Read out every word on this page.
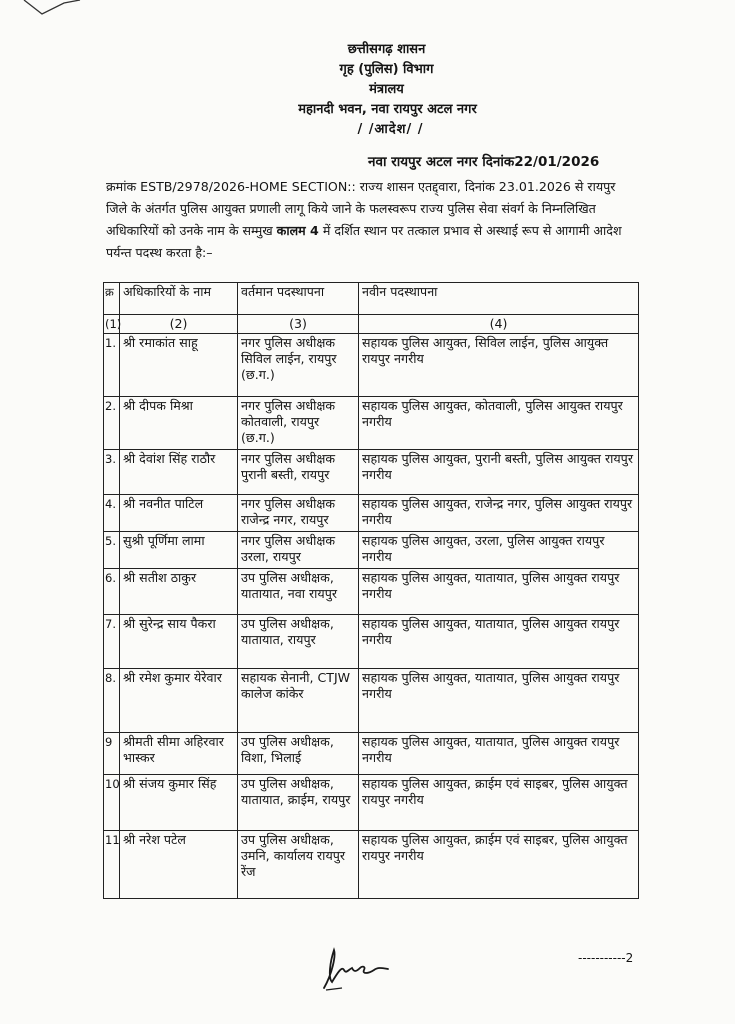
छत्तीसगढ़ शासन
गृह (पुलिस) विभाग
मंत्रालय
महानदी भवन, नवा रायपुर अटल नगर
/ /आदेश/ /
नवा रायपुर अटल नगर दिनांक22/01/2026
क्रमांक ESTB/2978/2026-HOME SECTION:: राज्य शासन एतद्द्वारा, दिनांक 23.01.2026 से रायपुर जिले के अंतर्गत पुलिस आयुक्त प्रणाली लागू किये जाने के फलस्वरूप राज्य पुलिस सेवा संवर्ग के निम्नलिखित अधिकारियों को उनके नाम के सम्मुख कालम 4 में दर्शित स्थान पर तत्काल प्रभाव से अस्थाई रूप से आगामी आदेश पर्यन्त पदस्थ करता है:–
क्र	अधिकारियों के नाम	वर्तमान पदस्थापना	नवीन पदस्थापना
(1)	(2)	(3)	(4)
1.	श्री रमाकांत साहू	नगर पुलिस अधीक्षक सिविल लाईन, रायपुर (छ.ग.)	सहायक पुलिस आयुक्त, सिविल लाईन, पुलिस आयुक्त रायपुर नगरीय
2.	श्री दीपक मिश्रा	नगर पुलिस अधीक्षक कोतवाली, रायपुर (छ.ग.)	सहायक पुलिस आयुक्त, कोतवाली, पुलिस आयुक्त रायपुर नगरीय
3.	श्री देवांश सिंह राठौर	नगर पुलिस अधीक्षक पुरानी बस्ती, रायपुर	सहायक पुलिस आयुक्त, पुरानी बस्ती, पुलिस आयुक्त रायपुर नगरीय
4.	श्री नवनीत पाटिल	नगर पुलिस अधीक्षक राजेन्द्र नगर, रायपुर	सहायक पुलिस आयुक्त, राजेन्द्र नगर, पुलिस आयुक्त रायपुर नगरीय
5.	सुश्री पूर्णिमा लामा	नगर पुलिस अधीक्षक उरला, रायपुर	सहायक पुलिस आयुक्त, उरला, पुलिस आयुक्त रायपुर नगरीय
6.	श्री सतीश ठाकुर	उप पुलिस अधीक्षक, यातायात, नवा रायपुर	सहायक पुलिस आयुक्त, यातायात, पुलिस आयुक्त रायपुर नगरीय
7.	श्री सुरेन्द्र साय पैकरा	उप पुलिस अधीक्षक, यातायात, रायपुर	सहायक पुलिस आयुक्त, यातायात, पुलिस आयुक्त रायपुर नगरीय
8.	श्री रमेश कुमार येरेवार	सहायक सेनानी, CTJW कालेज कांकेर	सहायक पुलिस आयुक्त, यातायात, पुलिस आयुक्त रायपुर नगरीय
9	श्रीमती सीमा अहिरवार भास्कर	उप पुलिस अधीक्षक, विशा, भिलाई	सहायक पुलिस आयुक्त, यातायात, पुलिस आयुक्त रायपुर नगरीय
10	श्री संजय कुमार सिंह	उप पुलिस अधीक्षक, यातायात, क्राईम, रायपुर	सहायक पुलिस आयुक्त, क्राईम एवं साइबर, पुलिस आयुक्त रायपुर नगरीय
11	श्री नरेश पटेल	उप पुलिस अधीक्षक, उमनि, कार्यालय रायपुर रेंज	सहायक पुलिस आयुक्त, क्राईम एवं साइबर, पुलिस आयुक्त रायपुर नगरीय
-----------2
